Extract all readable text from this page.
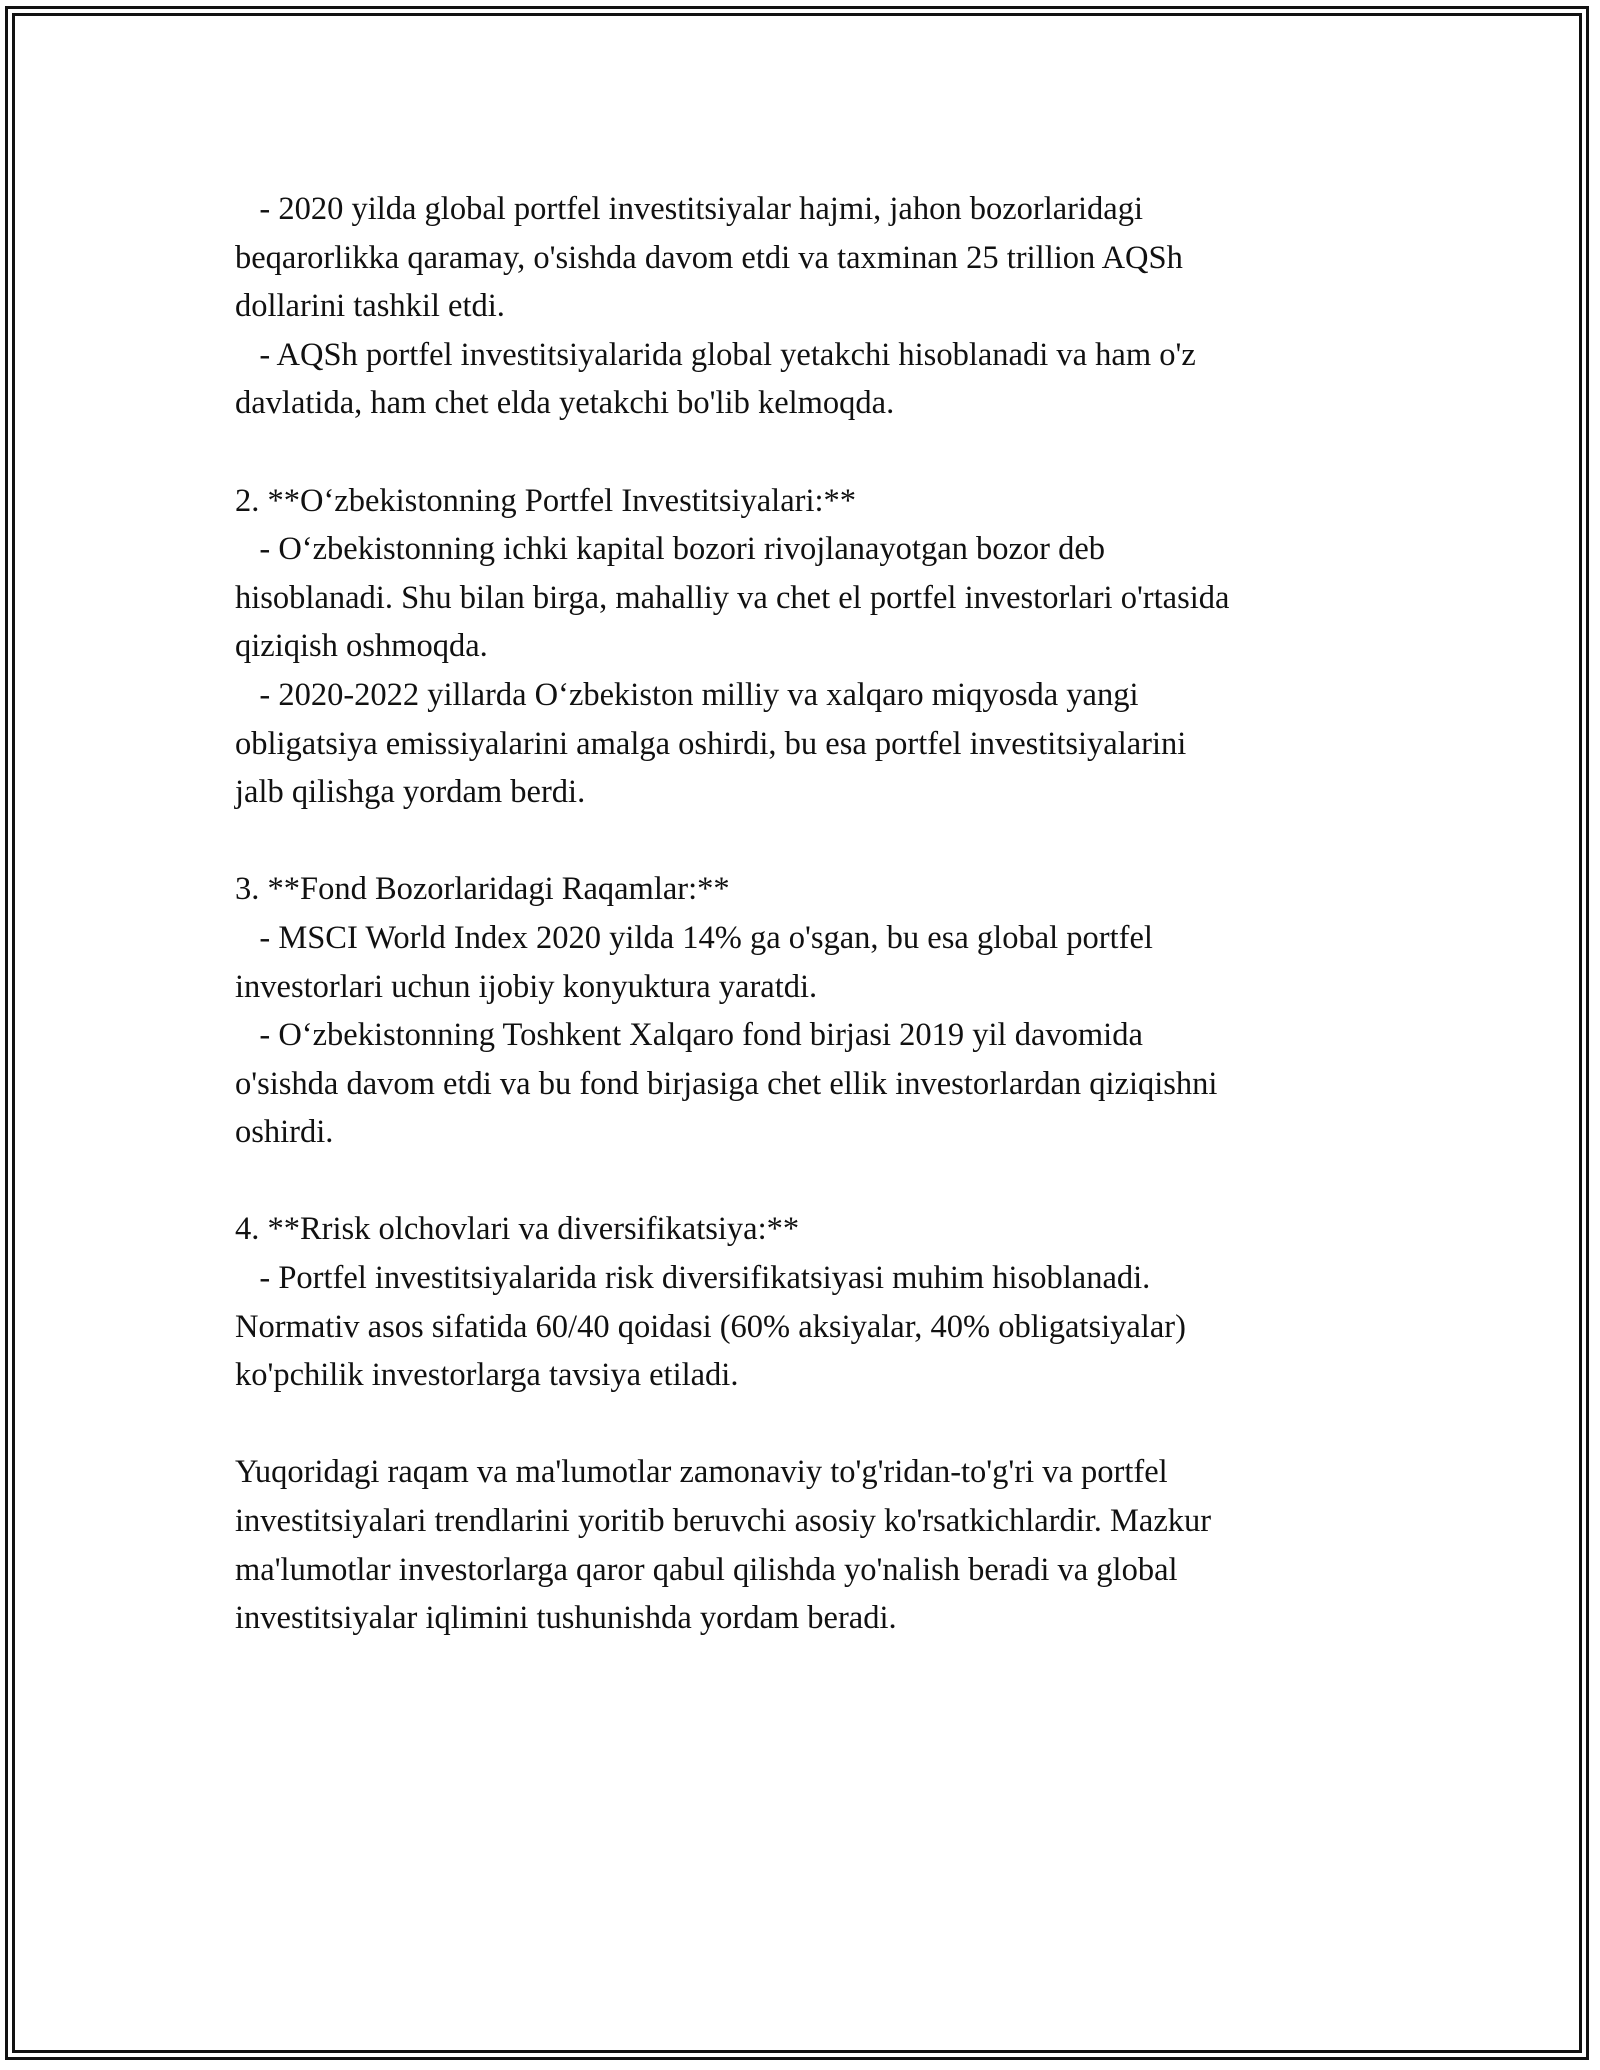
- 2020 yilda global portfel investitsiyalar hajmi, jahon bozorlaridagi
beqarorlikka qaramay, o'sishda davom etdi va taxminan 25 trillion AQSh
dollarini tashkil etdi.
- AQSh portfel investitsiyalarida global yetakchi hisoblanadi va ham o'z
davlatida, ham chet elda yetakchi bo'lib kelmoqda.
2. **O‘zbekistonning Portfel Investitsiyalari:**
- O‘zbekistonning ichki kapital bozori rivojlanayotgan bozor deb
hisoblanadi. Shu bilan birga, mahalliy va chet el portfel investorlari o'rtasida
qiziqish oshmoqda.
- 2020-2022 yillarda O‘zbekiston milliy va xalqaro miqyosda yangi
obligatsiya emissiyalarini amalga oshirdi, bu esa portfel investitsiyalarini
jalb qilishga yordam berdi.
3. **Fond Bozorlaridagi Raqamlar:**
- MSCI World Index 2020 yilda 14% ga o'sgan, bu esa global portfel
investorlari uchun ijobiy konyuktura yaratdi.
- O‘zbekistonning Toshkent Xalqaro fond birjasi 2019 yil davomida
o'sishda davom etdi va bu fond birjasiga chet ellik investorlardan qiziqishni
oshirdi.
4. **Rrisk olchovlari va diversifikatsiya:**
- Portfel investitsiyalarida risk diversifikatsiyasi muhim hisoblanadi.
Normativ asos sifatida 60/40 qoidasi (60% aksiyalar, 40% obligatsiyalar)
ko'pchilik investorlarga tavsiya etiladi.
Yuqoridagi raqam va ma'lumotlar zamonaviy to'g'ridan-to'g'ri va portfel
investitsiyalari trendlarini yoritib beruvchi asosiy ko'rsatkichlardir. Mazkur
ma'lumotlar investorlarga qaror qabul qilishda yo'nalish beradi va global
investitsiyalar iqlimini tushunishda yordam beradi.
